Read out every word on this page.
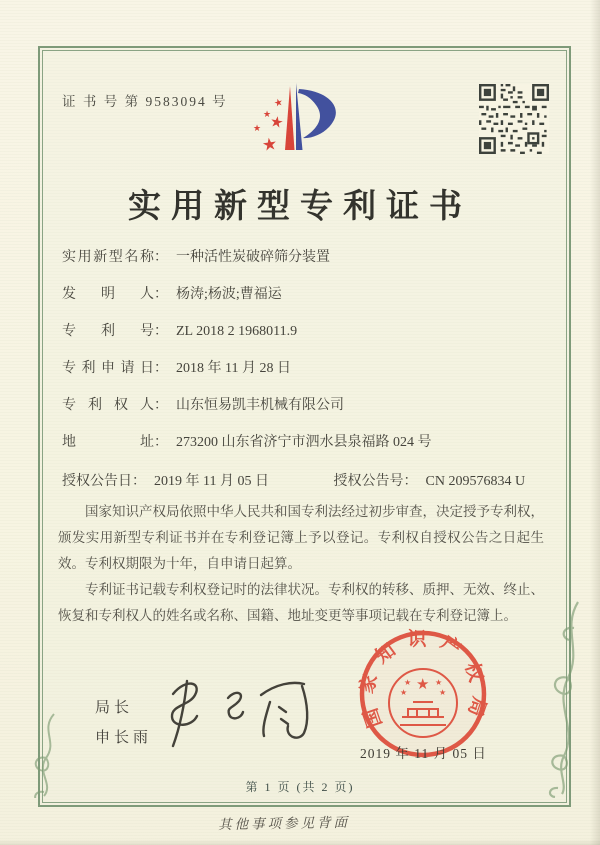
证 书 号 第 9583094 号	★
★
★
★
★
实用新型专利证书
实用新型名称： 一种活性炭破碎筛分装置
发明人： 杨涛;杨波;曹福运
专利号： ZL 2018 2 1968011.9
专利申请日： 2018 年 11 月 28 日
专利权人： 山东恒易凯丰机械有限公司
地址： 273200 山东省济宁市泗水县泉福路 024 号
授权公告日： 2019 年 11 月 05 日	授权公告号： CN 209576834 U

国家知识产权局依照中华人民共和国专利法经过初步审查，决定授予专利权，颁发实用新型专利证书并在专利登记簿上予以登记。专利权自授权公告之日起生效。专利权期限为十年，自申请日起算。

专利证书记载专利权登记时的法律状况。专利权的转移、质押、无效、终止、恢复和专利权人的姓名或名称、国籍、地址变更等事项记载在专利登记簿上。

局长
申长雨
国家知识产权局
★
★	★
★	★
2019 年 11 月 05 日
第 1 页 (共 2 页)
其他事项参见背面
